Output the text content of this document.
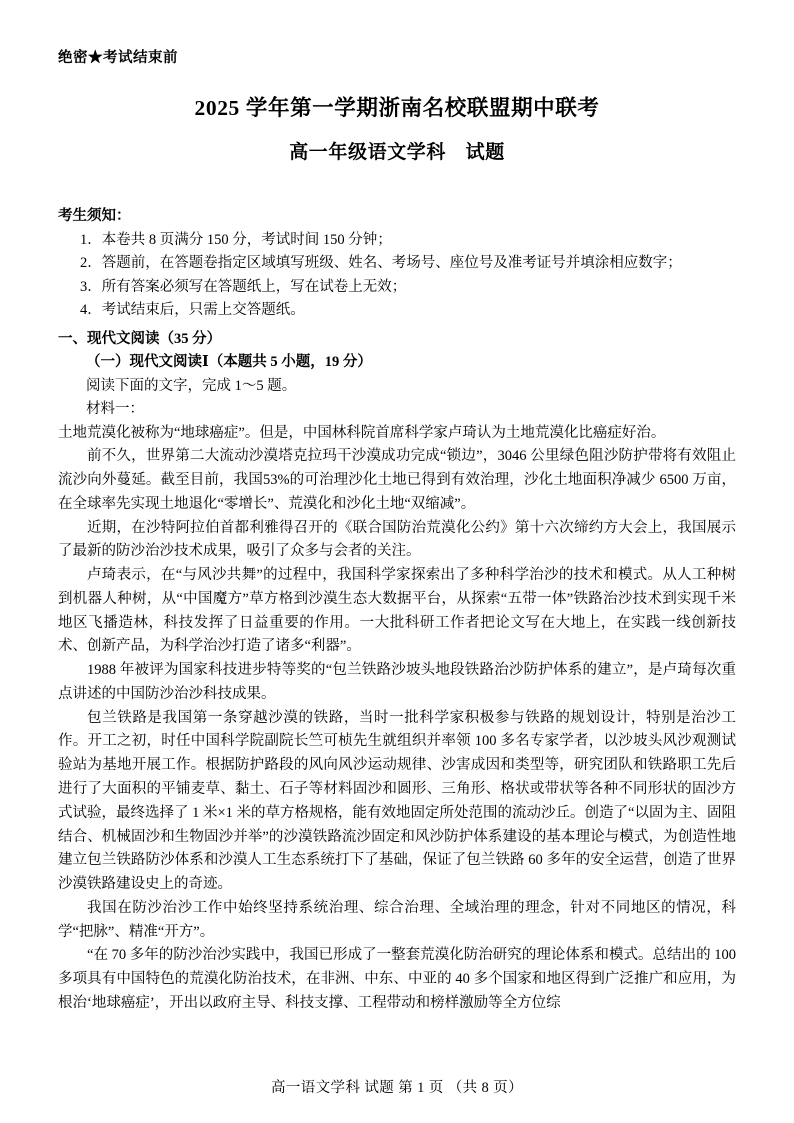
绝密★考试结束前
2025 学年第一学期浙南名校联盟期中联考
高一年级语文学科　试题
考生须知：
1．本卷共 8 页满分 150 分，考试时间 150 分钟；
2．答题前，在答题卷指定区域填写班级、姓名、考场号、座位号及准考证号并填涂相应数字；
3．所有答案必须写在答题纸上，写在试卷上无效；
4．考试结束后，只需上交答题纸。
一、现代文阅读（35 分）
（一）现代文阅读Ⅰ（本题共 5 小题，19 分）
阅读下面的文字，完成 1～5 题。
材料一：

土地荒漠化被称为“地球癌症”。但是，中国林科院首席科学家卢琦认为土地荒漠化比癌症好治。

前不久，世界第二大流动沙漠塔克拉玛干沙漠成功完成“锁边”，3046 公里绿色阻沙防护带将有效阻止流沙向外蔓延。截至目前，我国53%的可治理沙化土地已得到有效治理，沙化土地面积净减少 6500 万亩，在全球率先实现土地退化“零增长”、荒漠化和沙化土地“双缩减”。

近期，在沙特阿拉伯首都利雅得召开的《联合国防治荒漠化公约》第十六次缔约方大会上，我国展示了最新的防沙治沙技术成果，吸引了众多与会者的关注。

卢琦表示，在“与风沙共舞”的过程中，我国科学家探索出了多种科学治沙的技术和模式。从人工种树到机器人种树，从“中国魔方”草方格到沙漠生态大数据平台，从探索“五带一体”铁路治沙技术到实现千米地区飞播造林，科技发挥了日益重要的作用。一大批科研工作者把论文写在大地上，在实践一线创新技术、创新产品，为科学治沙打造了诸多“利器”。

1988 年被评为国家科技进步特等奖的“包兰铁路沙坡头地段铁路治沙防护体系的建立”，是卢琦每次重点讲述的中国防沙治沙科技成果。

包兰铁路是我国第一条穿越沙漠的铁路，当时一批科学家积极参与铁路的规划设计，特别是治沙工作。开工之初，时任中国科学院副院长竺可桢先生就组织并率领 100 多名专家学者，以沙坡头风沙观测试验站为基地开展工作。根据防护路段的风向风沙运动规律、沙害成因和类型等，研究团队和铁路职工先后进行了大面积的平铺麦草、黏土、石子等材料固沙和圆形、三角形、格状或带状等各种不同形状的固沙方式试验，最终选择了 1 米×1 米的草方格规格，能有效地固定所处范围的流动沙丘。创造了“以固为主、固阻结合、机械固沙和生物固沙并举”的沙漠铁路流沙固定和风沙防护体系建设的基本理论与模式，为创造性地建立包兰铁路防沙体系和沙漠人工生态系统打下了基础，保证了包兰铁路 60 多年的安全运营，创造了世界沙漠铁路建设史上的奇迹。

我国在防沙治沙工作中始终坚持系统治理、综合治理、全域治理的理念，针对不同地区的情况，科学“把脉”、精准“开方”。

“在 70 多年的防沙治沙实践中，我国已形成了一整套荒漠化防治研究的理论体系和模式。总结出的 100 多项具有中国特色的荒漠化防治技术，在非洲、中东、中亚的 40 多个国家和地区得到广泛推广和应用，为根治‘地球癌症’，开出以政府主导、科技支撑、工程带动和榜样激励等全方位综

高一语文学科 试题 第 1 页 （共 8 页）
